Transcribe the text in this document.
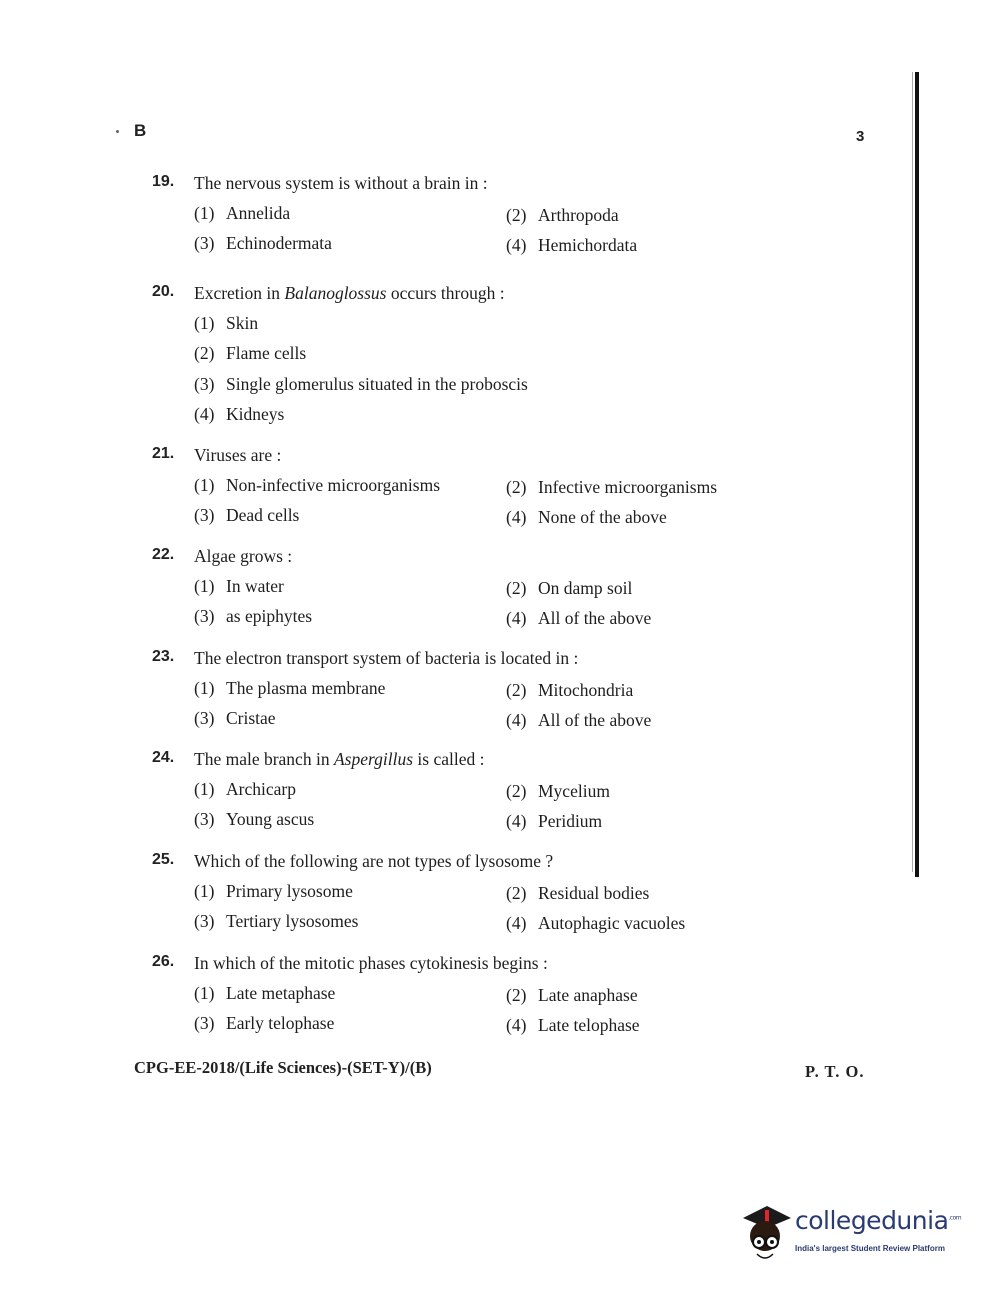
B	3
19. The nervous system is without a brain in :
(1) Annelida	(2) Arthropoda
(3) Echinodermata	(4) Hemichordata
20. Excretion in Balanoglossus occurs through :
(1) Skin
(2) Flame cells
(3) Single glomerulus situated in the proboscis
(4) Kidneys
21. Viruses are :
(1) Non-infective microorganisms	(2) Infective microorganisms
(3) Dead cells	(4) None of the above
22. Algae grows :
(1) In water	(2) On damp soil
(3) as epiphytes	(4) All of the above
23. The electron transport system of bacteria is located in :
(1) The plasma membrane	(2) Mitochondria
(3) Cristae	(4) All of the above
24. The male branch in Aspergillus is called :
(1) Archicarp	(2) Mycelium
(3) Young ascus	(4) Peridium
25. Which of the following are not types of lysosome ?
(1) Primary lysosome	(2) Residual bodies
(3) Tertiary lysosomes	(4) Autophagic vacuoles
26. In which of the mitotic phases cytokinesis begins :
(1) Late metaphase	(2) Late anaphase
(3) Early telophase	(4) Late telophase
CPG-EE-2018/(Life Sciences)-(SET-Y)/(B)	P. T. O.
collegedunia$^{.com}$
India's largest Student Review Platform
